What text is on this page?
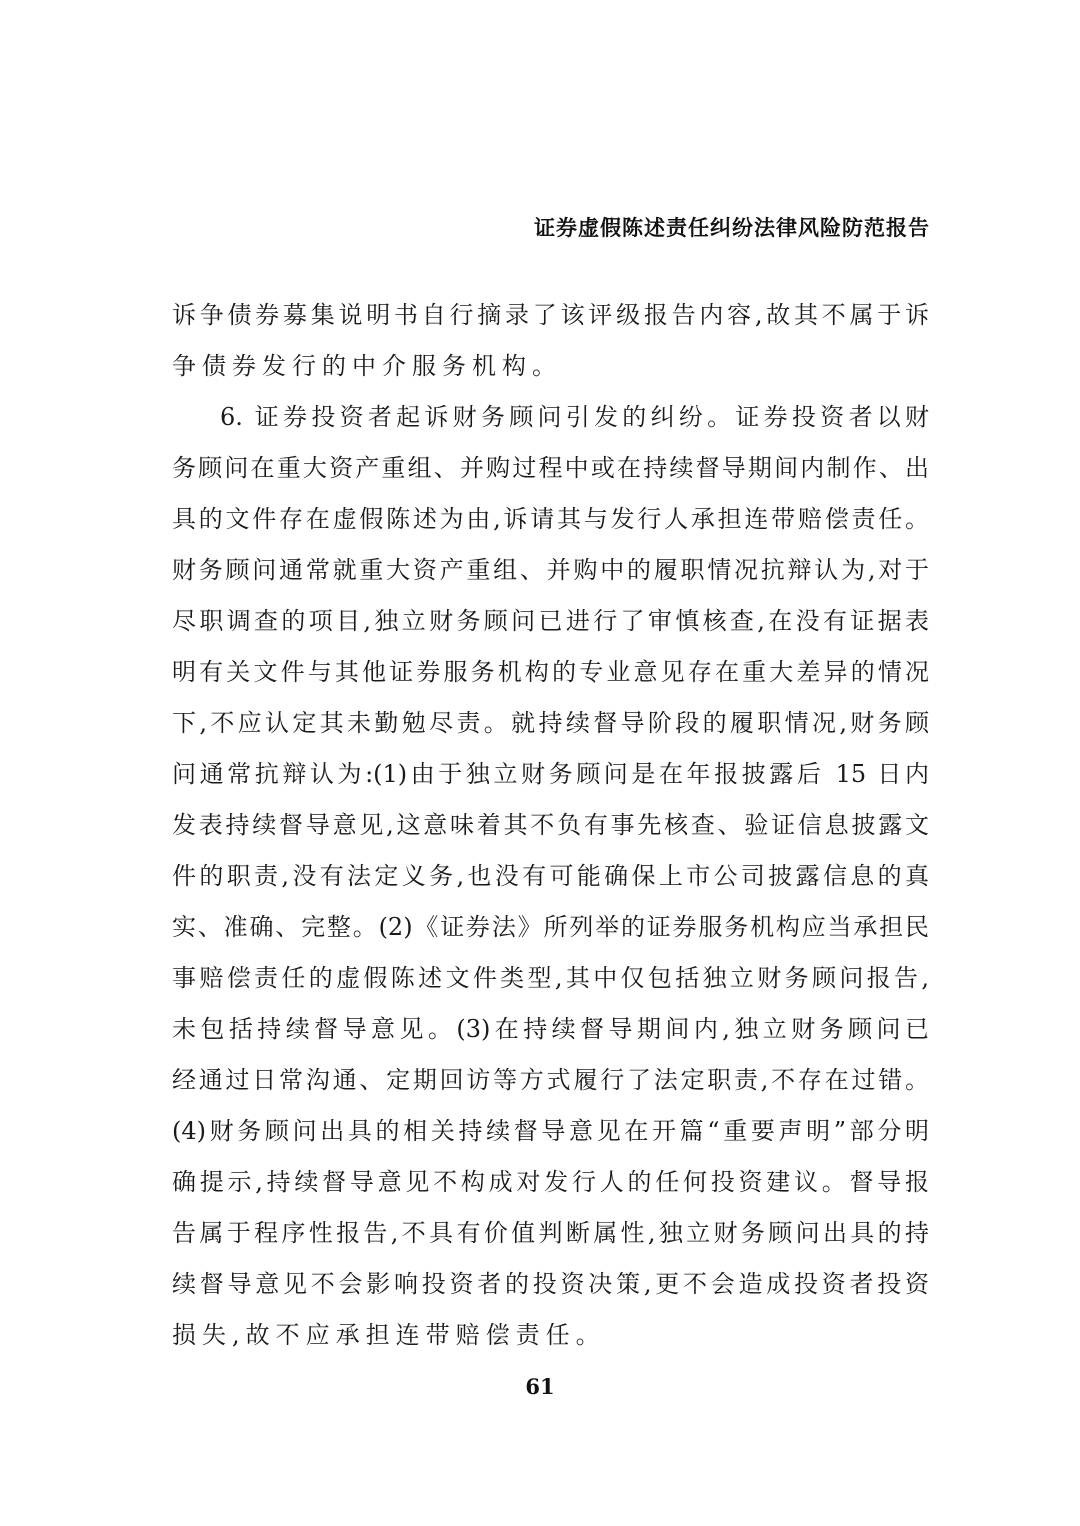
证券虚假陈述责任纠纷法律风险防范报告
诉争债券募集说明书自行摘录了该评级报告内容,故其不属于诉
争债券发行的中介服务机构。
6. 证券投资者起诉财务顾问引发的纠纷。证券投资者以财
务顾问在重大资产重组、并购过程中或在持续督导期间内制作、出
具的文件存在虚假陈述为由,诉请其与发行人承担连带赔偿责任。
财务顾问通常就重大资产重组、并购中的履职情况抗辩认为,对于
尽职调查的项目,独立财务顾问已进行了审慎核查,在没有证据表
明有关文件与其他证券服务机构的专业意见存在重大差异的情况
下,不应认定其未勤勉尽责。就持续督导阶段的履职情况,财务顾
问通常抗辩认为:(1)由于独立财务顾问是在年报披露后 15 日内
发表持续督导意见,这意味着其不负有事先核查、验证信息披露文
件的职责,没有法定义务,也没有可能确保上市公司披露信息的真
实、准确、完整。(2)《证券法》所列举的证券服务机构应当承担民
事赔偿责任的虚假陈述文件类型,其中仅包括独立财务顾问报告,
未包括持续督导意见。(3)在持续督导期间内,独立财务顾问已
经通过日常沟通、定期回访等方式履行了法定职责,不存在过错。
(4)财务顾问出具的相关持续督导意见在开篇“重要声明”部分明
确提示,持续督导意见不构成对发行人的任何投资建议。督导报
告属于程序性报告,不具有价值判断属性,独立财务顾问出具的持
续督导意见不会影响投资者的投资决策,更不会造成投资者投资
损失,故不应承担连带赔偿责任。
61
